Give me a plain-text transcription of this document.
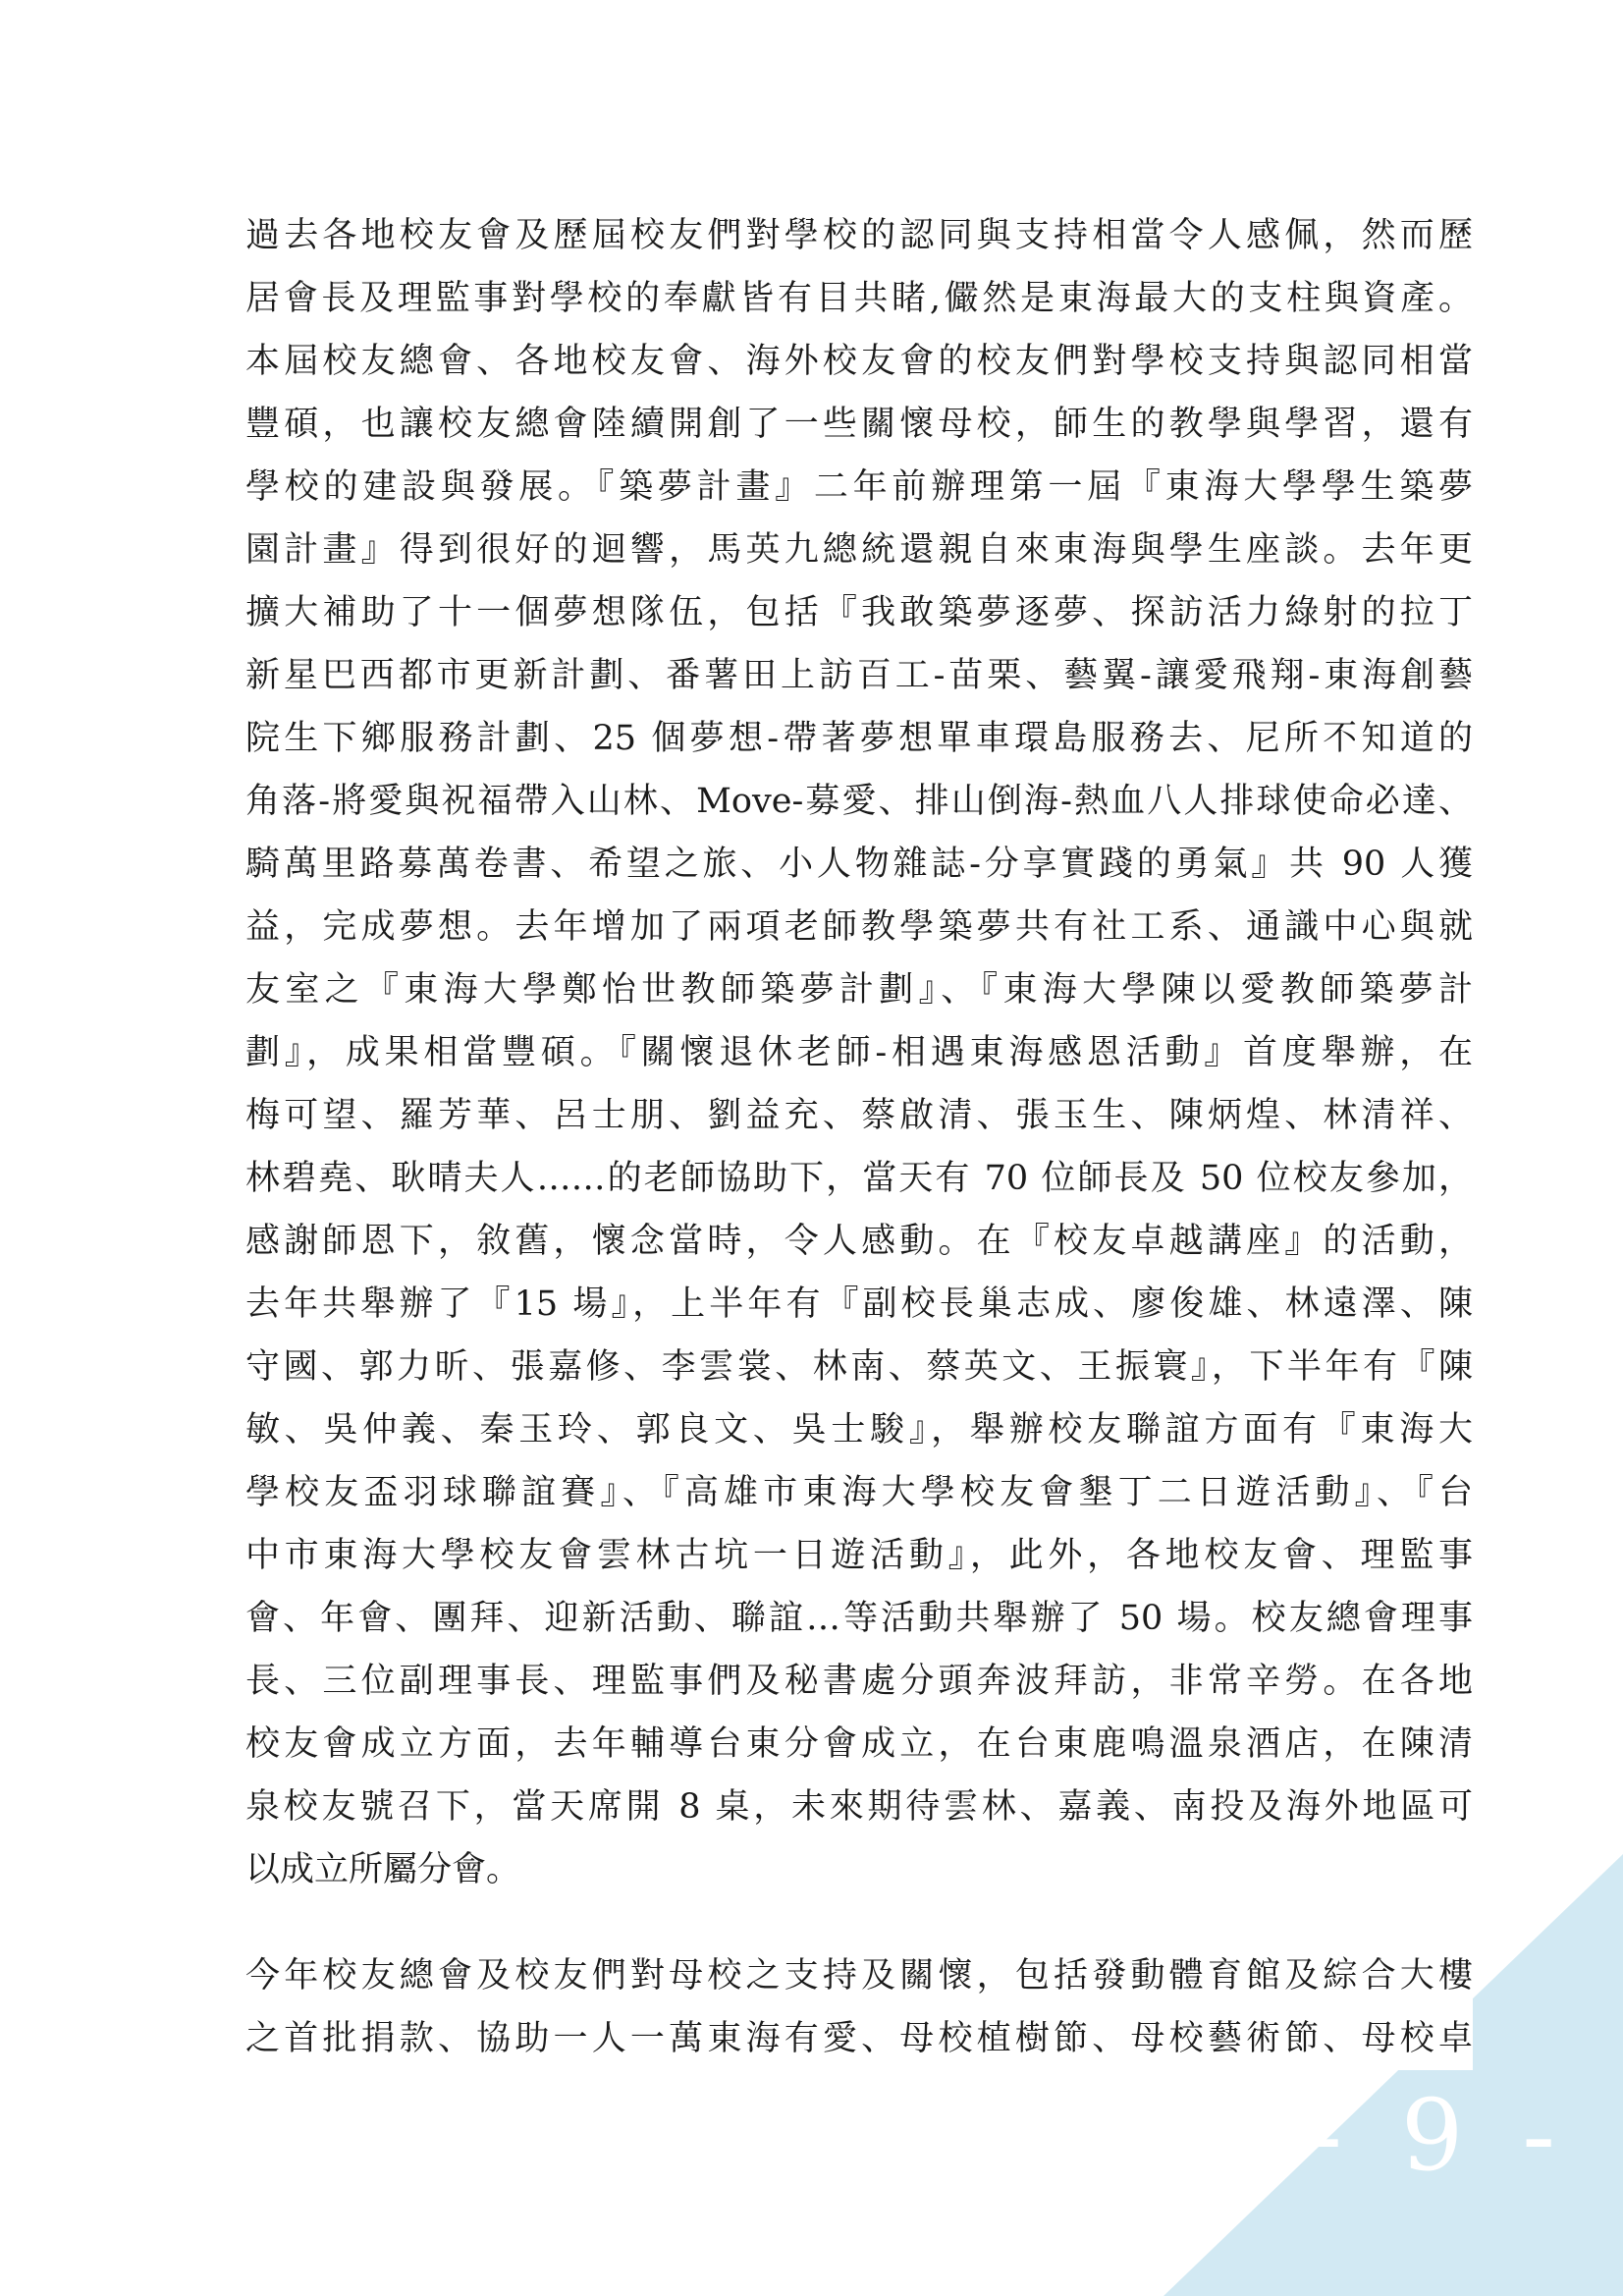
過去各地校友會及歷屆校友們對學校的認同與支持相當令人感佩，然而歷
居會長及理監事對學校的奉獻皆有目共睹,儼然是東海最大的支柱與資產。
本屆校友總會、各地校友會、海外校友會的校友們對學校支持與認同相當
豐碩，也讓校友總會陸續開創了一些關懷母校，師生的教學與學習，還有
學校的建設與發展。『築夢計畫』二年前辦理第一屆『東海大學學生築夢
園計畫』得到很好的迴響，馬英九總統還親自來東海與學生座談。去年更
擴大補助了十一個夢想隊伍，包括『我敢築夢逐夢、探訪活力綠射的拉丁
新星巴西都市更新計劃、番薯田上訪百工-苗栗、藝翼-讓愛飛翔-東海創藝
院生下鄉服務計劃、25 個夢想-帶著夢想單車環島服務去、尼所不知道的
角落-將愛與祝福帶入山林、Move-募愛、排山倒海-熱血八人排球使命必達、
騎萬里路募萬卷書、希望之旅、小人物雜誌-分享實踐的勇氣』共 90 人獲
益，完成夢想。去年增加了兩項老師教學築夢共有社工系、通識中心與就
友室之『東海大學鄭怡世教師築夢計劃』、『東海大學陳以愛教師築夢計
劃』，成果相當豐碩。『關懷退休老師-相遇東海感恩活動』首度舉辦，在
梅可望、羅芳華、呂士朋、劉益充、蔡啟清、張玉生、陳炳煌、林清祥、
林碧堯、耿晴夫人……的老師協助下，當天有 70 位師長及 50 位校友參加，
感謝師恩下，敘舊，懷念當時，令人感動。在『校友卓越講座』的活動，
去年共舉辦了『15 場』，上半年有『副校長巢志成、廖俊雄、林遠澤、陳
守國、郭力昕、張嘉修、李雲裳、林南、蔡英文、王振寰』，下半年有『陳
敏、吳仲義、秦玉玲、郭良文、吳士駿』，舉辦校友聯誼方面有『東海大
學校友盃羽球聯誼賽』、『高雄市東海大學校友會墾丁二日遊活動』、『台
中市東海大學校友會雲林古坑一日遊活動』，此外，各地校友會、理監事
會、年會、團拜、迎新活動、聯誼…等活動共舉辦了 50 場。校友總會理事
長、三位副理事長、理監事們及秘書處分頭奔波拜訪，非常辛勞。在各地
校友會成立方面，去年輔導台東分會成立，在台東鹿鳴溫泉酒店，在陳清
泉校友號召下，當天席開 8 桌，未來期待雲林、嘉義、南投及海外地區可
以成立所屬分會。
今年校友總會及校友們對母校之支持及關懷，包括發動體育館及綜合大樓
之首批捐款、協助一人一萬東海有愛、母校植樹節、母校藝術節、母校卓
- 9 -
